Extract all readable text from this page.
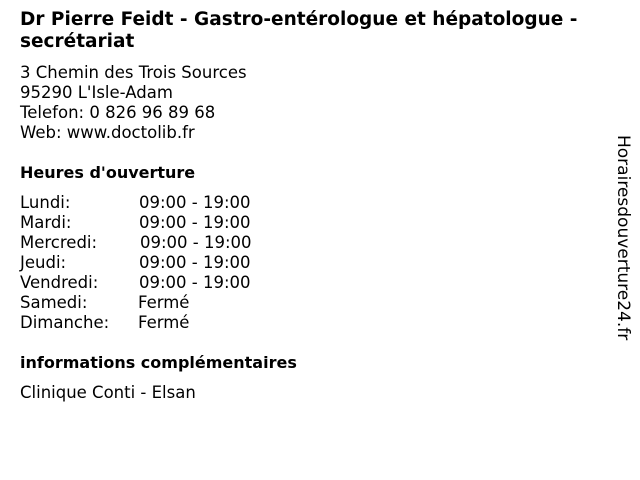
Dr Pierre Feidt - Gastro-entérologue et hépatologue - secrétariat
3 Chemin des Trois Sources
95290 L'Isle-Adam
Telefon: 0 826 96 89 68
Web: www.doctolib.fr
Heures d'ouverture
Lundi:	09:00 - 19:00
Mardi:	09:00 - 19:00
Mercredi:	09:00 - 19:00
Jeudi:	09:00 - 19:00
Vendredi: 09:00 - 19:00
Samedi:	Fermé
Dimanche: Fermé
informations complémentaires
Clinique Conti - Elsan
Horairesdouverture24.fr
